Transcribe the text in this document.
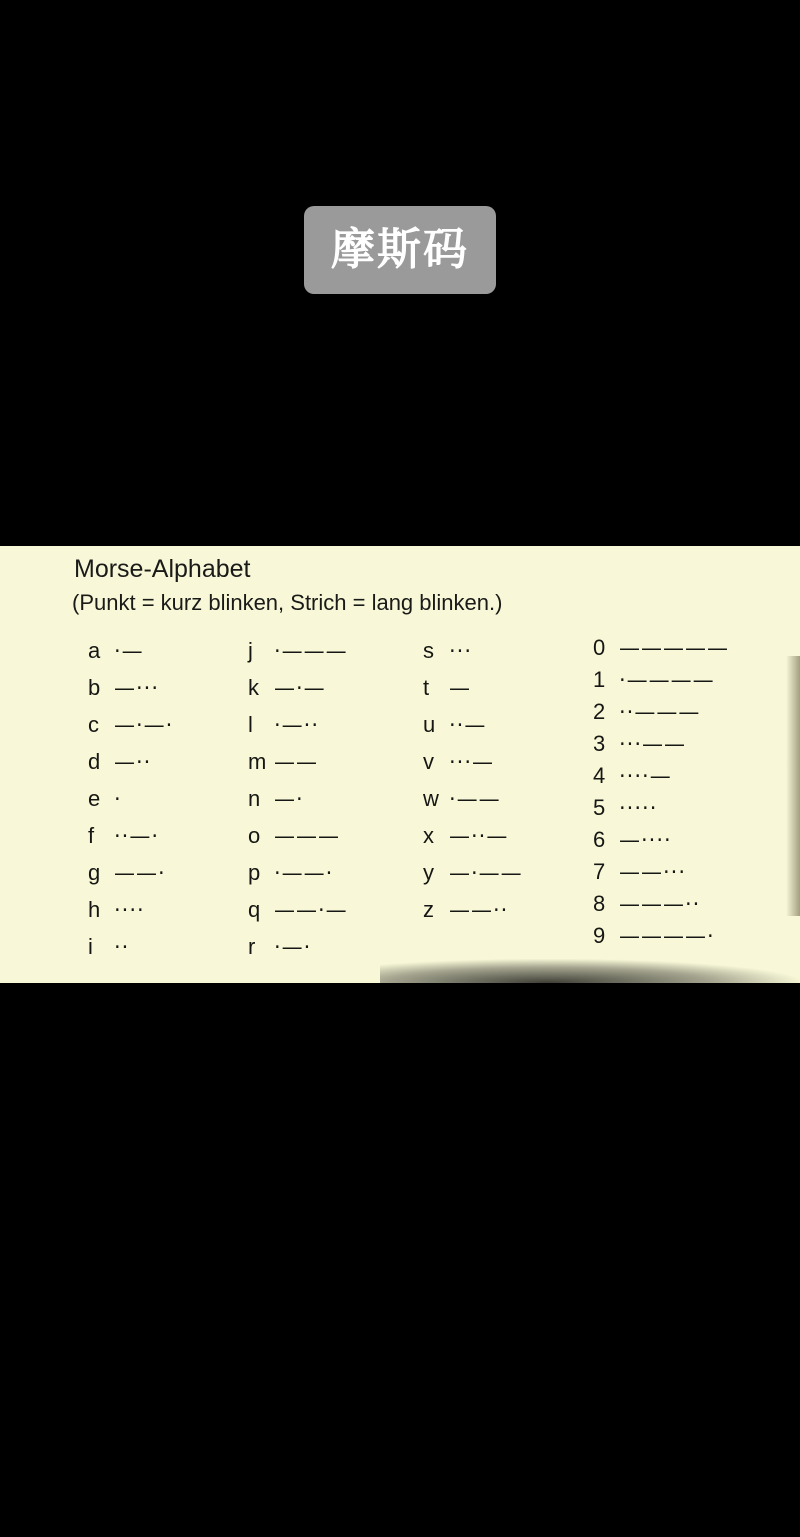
摩斯码
Morse-Alphabet
(Punkt = kurz blinken, Strich = lang blinken.)
a ·—
b —···
c —·—·
d —··
e ·
f ··—·
g ——·
h ····
i	··
j	·———
k —·—
l	·—··
m ——
n —·
o ———
p ·——·
q ——·—
r ·—·
s ···
t —
u ··—
v ···—
w ·——
x —··—
y —·——
z ——··
0 —————
1 ·————
2 ··———
3 ···——
4 ····—
5 ·····
6 —····
7 ——···
8 ———··
9 ————·
